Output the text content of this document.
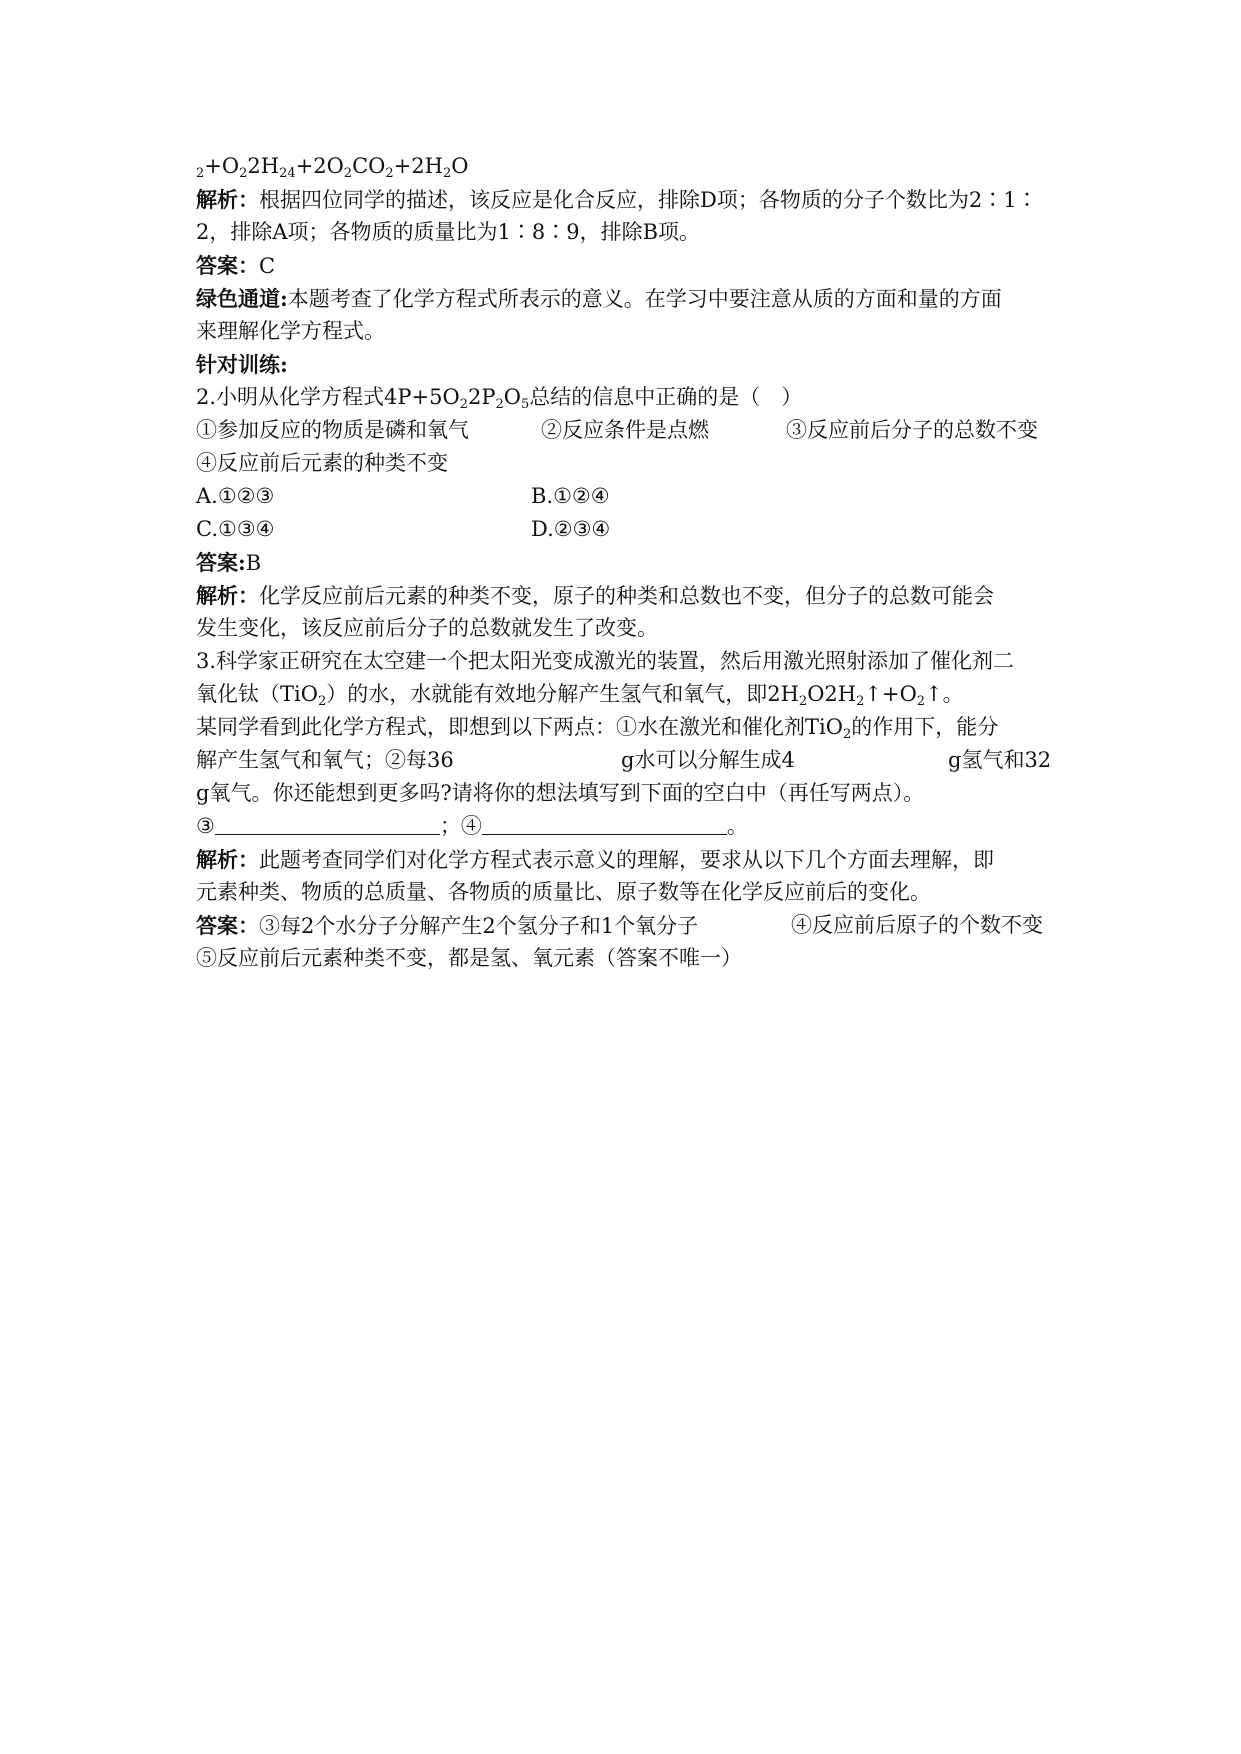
$_2+O_22H_{24}+2O_2CO_2+2H_2O$
解析：根据四位同学的描述，该反应是化合反应，排除D项；各物质的分子个数比为2∶1∶
2，排除A项；各物质的质量比为1∶8∶9，排除B项。
答案：C
绿色通道:本题考查了化学方程式所表示的意义。在学习中要注意从质的方面和量的方面
来理解化学方程式。
针对训练:
2.小明从化学方程式$4P+5O_22P_2O_5$总结的信息中正确的是（　）
①参加反应的物质是磷和氧气	②反应条件是点燃	③反应前后分子的总数不变
④反应前后元素的种类不变
A.①②③	B.①②④
C.①③④	D.②③④
答案:B
解析：化学反应前后元素的种类不变，原子的种类和总数也不变，但分子的总数可能会
发生变化，该反应前后分子的总数就发生了改变。
3.科学家正研究在太空建一个把太阳光变成激光的装置，然后用激光照射添加了催化剂二
氧化钛（TiO$_2$）的水，水就能有效地分解产生氢气和氧气，即$2H_2O2H_2↑+O_2↑$。
某同学看到此化学方程式，即想到以下两点：①水在激光和催化剂TiO$_2$的作用下，能分
解产生氢气和氧气；②每36	g水可以分解生成4	g氢气和32
g氧气。你还能想到更多吗?请将你的想法填写到下面的空白中（再任写两点）。
③	；④	。
解析：此题考查同学们对化学方程式表示意义的理解，要求从以下几个方面去理解，即
元素种类、物质的总质量、各物质的质量比、原子数等在化学反应前后的变化。
答案：③每2个水分子分解产生2个氢分子和1个氧分子	④反应前后原子的个数不变
⑤反应前后元素种类不变，都是氢、氧元素（答案不唯一）
